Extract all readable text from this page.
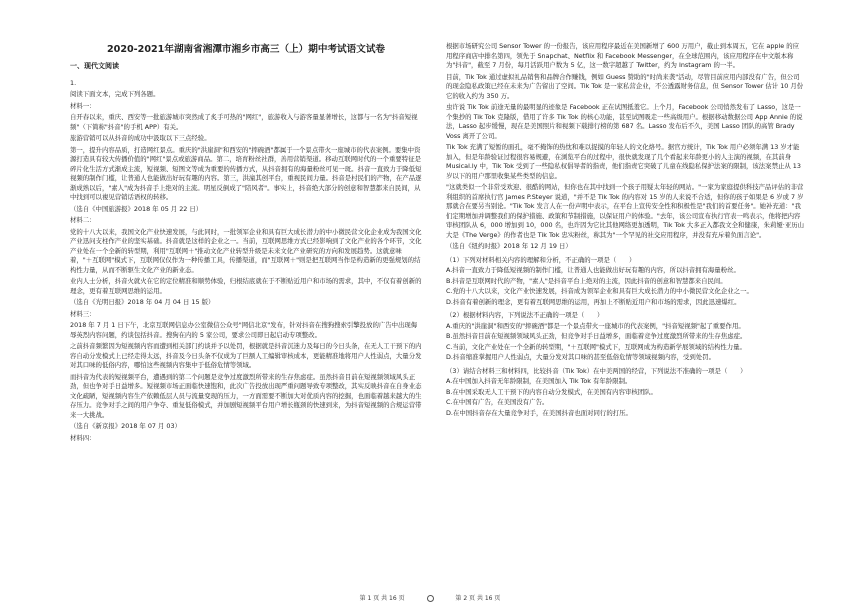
2020-2021年湖南省湘潭市湘乡市高三（上）期中考试语文试卷
一、现代文阅读
1.
阅读下面文本，完成下列各题。
材料一：
自开春以来，重庆、西安等一批旅游城市突然成了炙手可热的"网红"，旅游收入与游客量显著增长，这都与一名为"抖音短视频"（下简称"抖音"的手机 APP）有关。
旅游营销可以从抖音的成功中汲取以下三点经验。
第一，提升内容品质，打造网红景点。重庆的"洪崖洞"和西安的"摔碗酒"都属于一个景点带火一座城市的代表案例。要集中资源打造具有较大传播价值的"网红"景点或旅游商品。第二，培育粉丝社群，善用营销渠道。移动互联网时代的一个重要特征是碎片化生活方式渐成主流，短视频、短图文等成为重要的传播方式，从抖音拥有的海量粉丝可见一斑。抖音一直致力于降低短视频的制作门槛，让普通人也能做出好玩有趣的内容。第三，洪潼其创平台，重视民间力量。抖音是村民们的产物，在产品逐渐成熟以后，"素人"成为抖音手上绝对的主流。明星反倒成了"陪风者"。事实上，抖音绝大部分的创意和智慧都来自民间，从中找到可以複见营销话语权的转移。
（选自《中国旅游报》2018 年 05 月 22 日）
材料二：
党的十八大以来，我国文化产业快速发展，与此同时，一批领军企业和具有巨大成长潜力的中小微民营文化企业成为我国文化产业迅问支柱作产业的坚实基础。抖音就是这样的企业之一。当前，互联网思维方式已经影响到了文化产业的各个环节，文化产业处在一个全新的转型期，利用"互联网＋"推动文化产业转型升级是未来文化产业研究的方向和发展趋势。这就意味着，"＋互联网"模式下，互联网仅仅作为一种传播工具，传播渠道，而"互联网＋"则是把互联网当作是构造新的更强规划的结构性力量，从而不断驱生文化产业的新业态。
业内人士分析，抖音火就火在它的定位精准和顺势体验，归根结底就在于不断贴近用户和市场的需求，其中，不仅有着创新的理念，更有着互联网思维的运用。
（选自《光明日报》2018 年 04 月 04 日 15 版）
材料三：
2018 年 7 月 1 日下午，北京互联网信息办公室微信公众号"网信北京"发布，针对抖音在搜狗搜索引擎投放的广告中出现侮辱英烈内容问题，约谈包括抖音。搜狗在内的 5 家公司，要求公司即日起启动专项整改。
之前抖音频繁因为短视频内容而遭到相关部门约谈并予以处罚，根据就是抖音沉迷力及每日的今日头条，在无人工干预下的内容自动分发模式上已经走得太远，抖音及今日头条不仅成为了巨额人工编辑审核成本，更能精准地将用户人性弱点，大量分发对其口味的低俗内容，哪怕这些视频内容集中于低俗危情等领域。
而抖音为代表的短视频平台，遭遇到的第二个问题是竞争过度激烈所带来的生存焦虑症。虽然抖音目前在短视频领域风头正劲，但也争对手日益增多。短视频市场正面临快速饱和，此次广告投放出现严重问题导致专项整改，其实反映抖音在自身业态文化疏陋，短视频内容生产依赖低层人员与流量变现的压力，一方面需要不断加大对优质内容的挖掘，也面临着越来越大的生存压力。竞争对手之间的用户争夺、重复低俗模式，并加剧短视频平台用户增长瓶颈的快速到来，为抖音短视频的合规运营带来一大挑战。
（选自《新京报》2018 年 07 月 03）
材料四：
根据市场研究公司 Sensor Tower 的一份报告，该应用程序最近在美国新增了 600 万用户，截止到本周五，它在 apple 的应用程序商店中排名第四，领先于 Snapchat、Netflix 和 Facebook Messenger，在全球范围内，该应用程序在中文版本称为"抖音"，截至 7 月份，每月活跃用户数为 5 亿，这一数字超越了 Twitter，约为 Instagram 的一半。
目前，Tik Tok 通过虚拟礼品销售和品牌合作赚钱，例如 Guess 赞助的"时尚来袭"活动，尽管目前应用内部没有广告，但公司的现金隐私政策已经在未来为广告留出了空间。Tik Tok 是一家私营企业，不公透露财务信息，但 Sensor Tower 估计 10 月份它的收入约为 350 万。
虫许说 Tik Tok 前途无量的最明显的迹象是 Facebook 正在试图抵羞它。上个月，Facebook 公司悄然发布了 Lasso，这是一个集抄的 Tik Tok 克隆版，借用了许多 Tik Tok 的核心功能，甚至试图吸走一些高级用户。根据移动数据公司 App Annie 的说法，Lasso 起步缓慢，现在是美国照片和视频下载排行榜的第 687 名。Lasso 发布后不久，美国 Lasso 团队的高管 Brady Voss 离开了公司。
Tik Tok 充满了短暂的面孔，毫不掩饰的热忱和难以捉摸的年轻人的文化烙号。据官方统计，Tik Tok 用户必须年满 13 岁才能加入，但是年龄验证过程很容易规避，在浏览平台的过程中，很快就发现了几个看起来年龄更小的人主演的视频，在其前身 Musical.ly 中，Tik Tok 受到了一些隐私权倡导者的指责，他们指责它突破了儿童在线隐私保护法案的限制，该法案禁止从 13 岁以下的用户那里收集某些类型的信息。
"这就类似一个非常受欢迎、很酷的网站，但你也在其中找到一个孩子用疑太年轻的网站。"一家为家庭提供科技产品评估的非营利组织的首席执行官 James P.Steyer 说道，"并不是 Tik Tok 的内容对 15 岁的人来说不合适，但你的孩子如果是 6 岁或 7 岁那就合在要另当别论。"Tik Tok 发言人在一份声明中表示，在平台上宣传安全性和积极性是"我们的首要任务"。她补充道："我们定期增加并调整我们的保护措施、政策和节制措施，以保证用户的体验。"去年，该公司宣布执行官表一鸣表示，他将把内容审核团队从 6，000 增加到 10，000 名，也许因为它比其他网络更加透明，Tik Tok 大多正入都我文全和健康，朱莉娅·亚历山大是《The Verge》的作者也是 Tik Tok 忠实粉丝，称其为"一个罕见的社交应用程序，并没有充斥着负面言论"。
（选自《纽约时报》2018 年 12 月 19 日）
（1）下列对材料相关内容的理解和分析，不正确的一项是（　　）
A.抖音一直致力于降低短视频的制作门槛，让普通人也能做出好玩有趣的内容，所以抖音拥有海量粉丝。
B.抖音是互联网时代的产物，"素人"是抖音平台上绝对的主流，因此抖音的创意和智慧都来自民间。
C.党的十八大以来，文化产业快速发展，抖音成为领军企业和具有巨大成长潜力的中小微民营文化企业之一。
D.抖音有着创新的理念，更有着互联网思维的运用，再加上不断贴近用户和市场的需求，因此迅速爆红。
（2）根据材料内容，下列说法不正确的一项是（　　）
A.重庆的"洪崖洞"和西安的"摔碗酒"都是一个景点带火一座城市的代表案例，"抖音短视频"起了重要作用。
B.虽然抖音目前在短视频领域风头正劲，但竞争对手日益增多，面临着竞争过度激烈所带来的生存焦虑症。
C.当前，文化产业处在一个全新的转型期，"＋互联网"模式下，互联网成为构造新学展领域的结构性力量。
D.抖音缩准掌握用户人性弱点，大量分发对其口味的甚至低俗危情等领域视频内容，受到处罚。
（3）请结合材料三和材料四，比较抖音（Tik Tok）在中美两国的经营，下列说法不准确的一项是（　　）
A.在中国加入抖音无年龄限制，在美国加入 Tik Tok 有年龄限制。
B.在中国采取无人工干预下的内容自动分发模式，在美国有内容审核团队。
C.在中国有广告，在美国没有广告。
D.在中国抖音存在大量竞争对手，在美国抖音也面对同行的打压。
第 1 页 共 16 页	第 2 页 共 16 页
